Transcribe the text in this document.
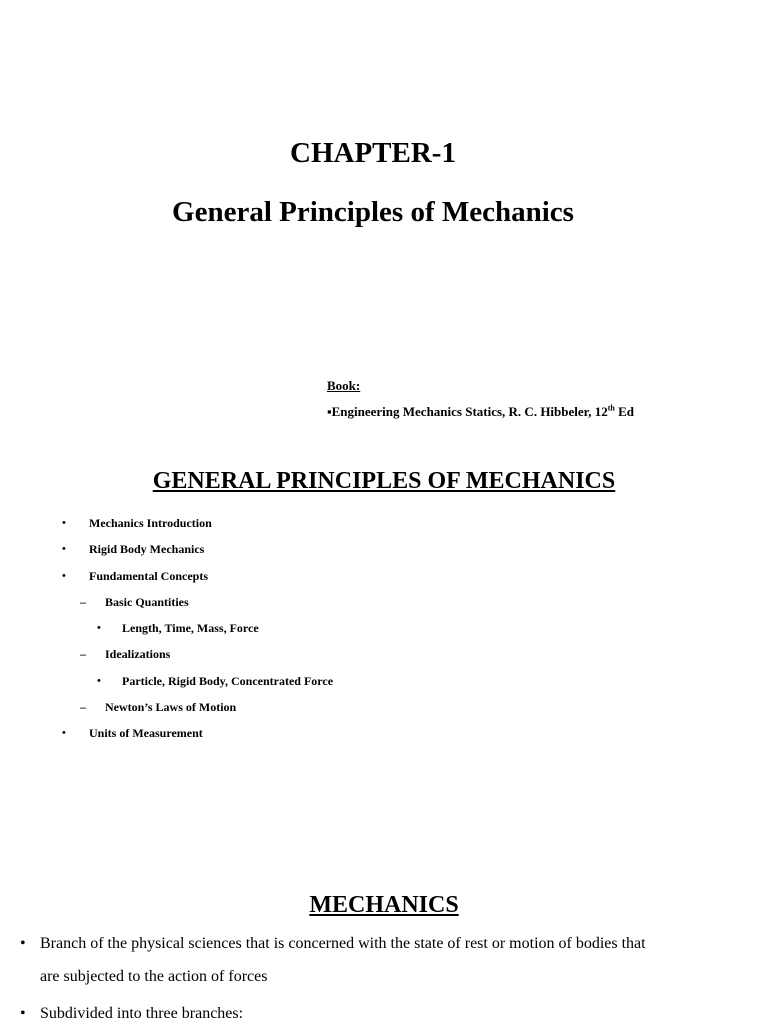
CHAPTER-1
General Principles of Mechanics
Book:
▪Engineering Mechanics Statics, R. C. Hibbeler, 12th Ed
GENERAL PRINCIPLES OF MECHANICS
• Mechanics Introduction
• Rigid Body Mechanics
• Fundamental Concepts
– Basic Quantities
• Length, Time, Mass, Force
– Idealizations
• Particle, Rigid Body, Concentrated Force
– Newton’s Laws of Motion
• Units of Measurement
MECHANICS
• Branch of the physical sciences that is concerned with the state of rest or motion of bodies that
are subjected to the action of forces
• Subdivided into three branches:
